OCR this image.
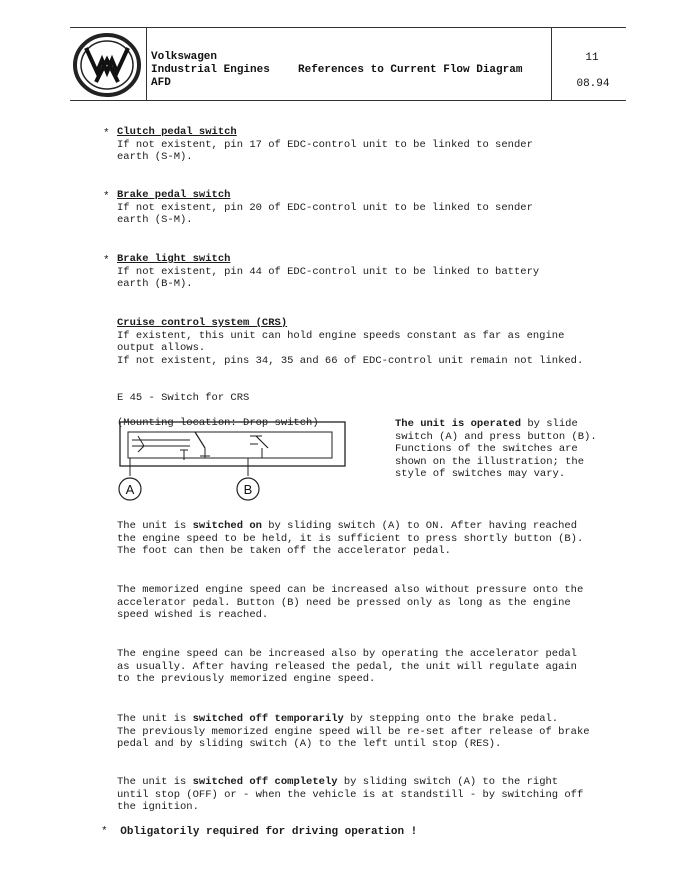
Volkswagen
Industrial Engines
AFD
References to Current Flow Diagram
11
08.94
* Clutch pedal switch
If not existent, pin 17 of EDC-control unit to be linked to sender
earth (S-M).
* Brake pedal switch
If not existent, pin 20 of EDC-control unit to be linked to sender
earth (S-M).
* Brake light switch
If not existent, pin 44 of EDC-control unit to be linked to battery
earth (B-M).
Cruise control system (CRS)
If existent, this unit can hold engine speeds constant as far as engine
output allows.
If not existent, pins 34, 35 and 66 of EDC-control unit remain not linked.

E 45 - Switch for CRS

(Mounting location: Drop switch)

A	B
The unit is operated by slide
switch (A) and press button (B).
Functions of the switches are
shown on the illustration; the
style of switches may vary.
The unit is switched on by sliding switch (A) to ON. After having reached
the engine speed to be held, it is sufficient to press shortly button (B).
The foot can then be taken off the accelerator pedal.
The memorized engine speed can be increased also without pressure onto the
accelerator pedal. Button (B) need be pressed only as long as the engine
speed wished is reached.
The engine speed can be increased also by operating the accelerator pedal
as usually. After having released the pedal, the unit will regulate again
to the previously memorized engine speed.
The unit is switched off temporarily by stepping onto the brake pedal.
The previously memorized engine speed will be re-set after release of brake
pedal and by sliding switch (A) to the left until stop (RES).
The unit is switched off completely by sliding switch (A) to the right
until stop (OFF) or - when the vehicle is at standstill - by switching off
the ignition.
* Obligatorily required for driving operation !
